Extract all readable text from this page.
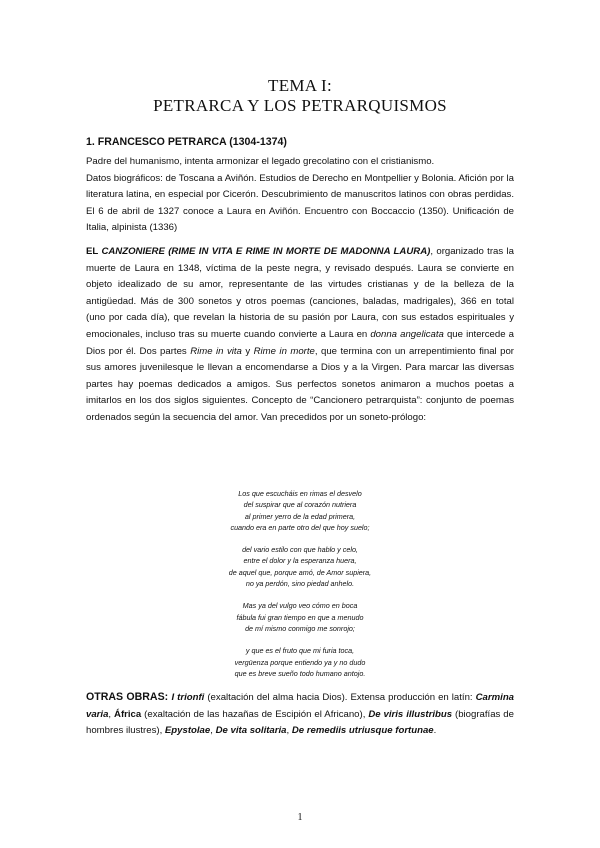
TEMA I:
PETRARCA Y LOS PETRARQUISMOS
1. FRANCESCO PETRARCA (1304-1374)
Padre del humanismo, intenta armonizar el legado grecolatino con el cristianismo.
Datos biográficos: de Toscana a Aviñón. Estudios de Derecho en Montpellier y Bolonia. Afición por la literatura latina, en especial por Cicerón. Descubrimiento de manuscritos latinos con obras perdidas. El 6 de abril de 1327 conoce a Laura en Aviñón. Encuentro con Boccaccio (1350). Unificación de Italia, alpinista (1336)
EL CANZONIERE (RIME IN VITA E RIME IN MORTE DE MADONNA LAURA), organizado tras la muerte de Laura en 1348, víctima de la peste negra, y revisado después. Laura se convierte en objeto idealizado de su amor, representante de las virtudes cristianas y de la belleza de la antigüedad. Más de 300 sonetos y otros poemas (canciones, baladas, madrigales), 366 en total (uno por cada día), que revelan la historia de su pasión por Laura, con sus estados espirituales y emocionales, incluso tras su muerte cuando convierte a Laura en donna angelicata que intercede a Dios por él. Dos partes Rime in vita y Rime in morte, que termina con un arrepentimiento final por sus amores juvenilesque le llevan a encomendarse a Dios y a la Virgen. Para marcar las diversas partes hay poemas dedicados a amigos. Sus perfectos sonetos animaron a muchos poetas a imitarlos en los dos siglos siguientes. Concepto de “Cancionero petrarquista”: conjunto de poemas ordenados según la secuencia del amor. Van precedidos por un soneto-prólogo:
Los que escucháis en rimas el desvelo
del suspirar que al corazón nutriera
al primer yerro de la edad primera,
cuando era en parte otro del que hoy suelo;
del vario estilo con que hablo y celo,
entre el dolor y la esperanza huera,
de aquel que, porque amó, de Amor supiera,
no ya perdón, sino piedad anhelo.
Mas ya del vulgo veo cómo en boca
fábula fui gran tiempo en que a menudo
de mí mismo conmigo me sonrojo;
y que es el fruto que mi furia toca,
vergüenza porque entiendo ya y no dudo
que es breve sueño todo humano antojo.
OTRAS OBRAS: I trionfi (exaltación del alma hacia Dios). Extensa producción en latín: Carmina varia, África (exaltación de las hazañas de Escipión el Africano), De viris illustribus (biografías de hombres ilustres), Epystolae, De vita solitaria, De remediis utriusque fortunae.
1
